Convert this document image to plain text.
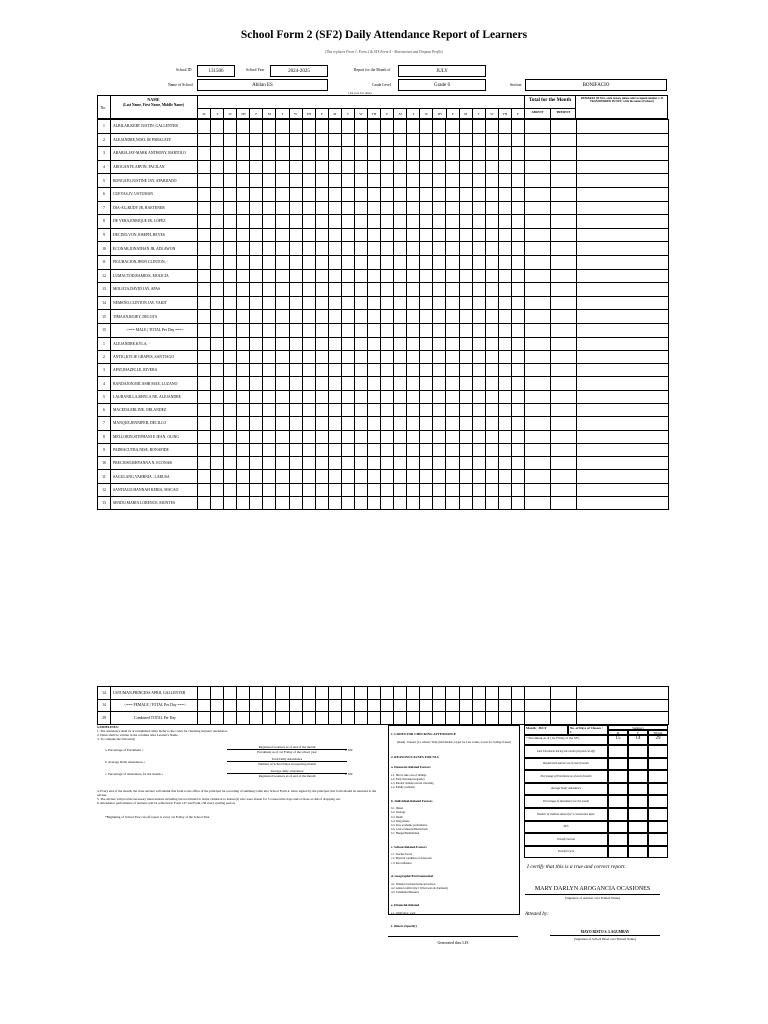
School Form 2 (SF2) Daily Attendance Report of Learners
(This replaces Form 1, Form 2 & STS Form 4 - Absenteeism and Dropout Profile)
School ID	131506	School Year	2024-2025	Report for the Month of	JULY
Name of School	Abilan ES	Grade Level	Grade 6	Section	BONIFACIO
(1st row for date)
No.
NAME
(Last Name, First Name, Middle Name)
M	T	W	TH	F	M	T	W	TH	F	M	T	W	TH	F	M	T	W	TH	F	M	T	W	TH	F
Total for the Month
ABSENT	PRESENT
REMARKS (If NLS, state reason, please refer to legend number 2. If TRANSFERRED IN/OUT, write the name of School.)
1	ALBILAR,KERT JUSTIN, GALLENTER																												
2	ALEJANDRE,NOEL JR PABALATE																												
3	ARABIA,JAY-MARK ANTHONY, BARTOLO																												
4	AROGANTE,ARVIN, PACILAN																												
5	BONGATO,JUSTINE JAY, APARIJADO																												
6	CUEVAS,JV, USTUMAN																												
7	DIA-AG,RUDY JR, BAETENER																												
8	DE VERA,ENRIQUE JR, LOPEZ																												
9	DECINO,VON JOSEPH, REYES																												
10	ECONAR,JONATHAN JR, ADLAWON																												
11	FIGURACION,JHON CLINTON, -																												
12	LUMACTOD,RAMESS, MOLICIA																												
13	MOLICIA,DAVID JAY, APAS																												
14	NEMEÑO,CLINTON JAY, VAKIT																												
15	TIMAAN,ROJEY, DELOTA																												
15	<=== MALE | TOTAL Per Day ===>																												
1	ALEJANDRE,KYLA, -																												
2	ANTIG,KYLIE GRAPES, SANTIAGO																												
3	APAT,JHAZELLE, RIVERA																												
4	BANDAJON,MICASHI MAE, LUZANO																												
5	LAURANILLA,RHYLA NE, ALEJANDRE																												
6	MACEDA,ERLINE, ORLANDEZ																												
7	MANQUE,JENNIFER, DECILLO																												
8	MELLORIN,STEPHANI E JEAN, OLING																												
9	PADRACUTRA,NISE, BONAFIDE																												
10	PRECIOSO,RHYANNA N, ECONAR																												
11	SAGULANG,VAHRNIA , LARUSA																												
12	SANTIAGO,HANNAH KEBIA, MACAO																												
13	SENDO,MARIA LORENCE, MONTES																												
14	USTUMAN,PRINCESS APRIL GALLENTER																												
14	<=== FEMALE | TOTAL Per Day ===>																												
29	Combined TOTAL Per Day																												
GUIDELINES:
1. The attendance shall be accomplished daily. Refer to the codes for checking learners' attendance.
2. Dates shall be written in the columns after Learner's Name.
3. To compute the following:
a. Percentage of Enrolment =
Registered Learners as of end of the month
Enrolment as of 1st Friday of the school year	x 100
b. Average Daily Attendance =
Total Daily Attendance
Number of School Days in reporting month
c. Percentage of Attendance for the month =
Average daily attendance
Registered Learners as of end of the month	x 100
4. Every end of the month, the class adviser will submit this form to the office of the principal for recording of summary table into School Form 4. Once signed by the principal, this form should be returned to the adviser.
5. The adviser will provide necessary interventions including but not limited to home visitation to learner(s) who were absent for 5 consecutive days and/or those at risk of dropping out.
6. Attendance performance of learners will be reflected in Form 137 and Form 138 every grading period.
*Beginning of School Year cut-off report is every 1st Friday of the School Year

1. CODES FOR CHECKING ATTENDANCE

(blank) - Present; (x)- Absent; Tardy (half shaded= Upper for Late Comer, Lower for Cutting Classes)

2. REASONS/CAUSES FOR NLS

a. Domestic-Related Factors

a.1. Had to take care of siblings
a.2. Early marriage/pregnancy
a.3. Parents' attitude toward schooling
a.4. Family problems

b. Individual-Related Factors

b.1. Illness
b.2. Overage
b.3. Death
b.4. Drug Abuse
b.5. Poor academic performance
b.6. Lack of interest/Distractions
b.7. Hunger/Malnutrition

c. School-Related Factors

c.1. Teacher Factor
c.2. Physical condition of classroom
c.3. Peer influence

d. Geographic/Environmental

d.1. Distance between home and school
d.2. Armed conflict (incl. Tribal wars & clanfeuds)
d.3. Calamities/Disasters

e. Financial-Related

e.1. Child labor, work

f. Others (Specify)

Month : JULY	No. of Days of Classes :
1
Summary
M	F	TOTAL
* Enrolment as of (1st Friday of the SY)	15	14	29
Late Enrolment during the month (beyond cut-off)
Registered Learners as of end of month
Percentage of Enrolment as of end of month
Average Daily Attendance
Percentage of Attendance for the month
Number of students absent for 5 consecutive days:
NLS
Transferred out
Transferred in
I certify that this is a true and correct report.
MARY DARLYN AROGANCIA OCASIONES
(Signature of Adviser over Printed Name)
Attested by:
MAYO RISTO S. LAGUMBAY
(Signature of School Head over Printed Name)
Generated thru LIS
